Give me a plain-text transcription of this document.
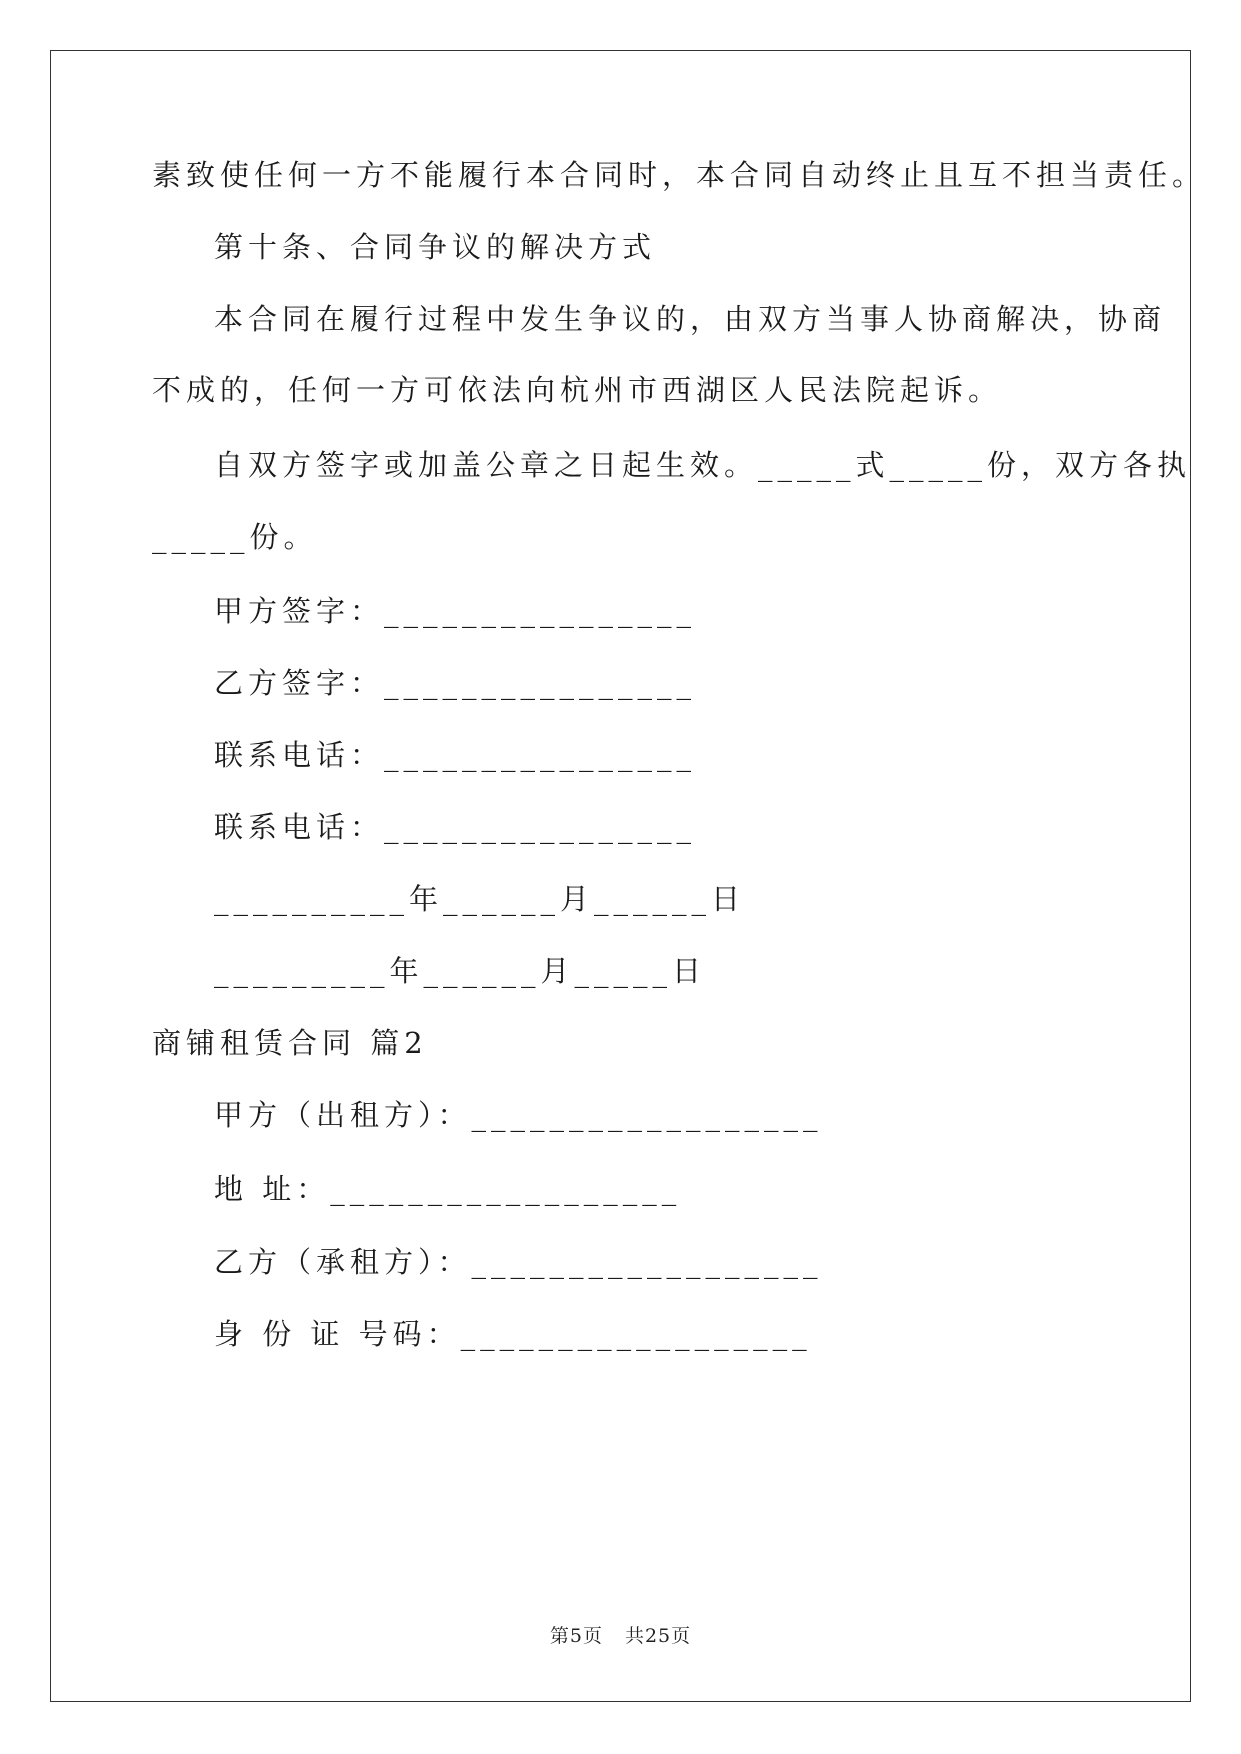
素致使任何一方不能履行本合同时，本合同自动终止且互不担当责任。
第十条、合同争议的解决方式
本合同在履行过程中发生争议的，由双方当事人协商解决，协商
不成的，任何一方可依法向杭州市西湖区人民法院起诉。
自双方签字或加盖公章之日起生效。_____式_____份，双方各执
_____份。
甲方签字：________________
乙方签字：________________
联系电话：________________
联系电话：________________
__________年______月______日
_________年______月_____日
商铺租赁合同 篇2
甲方（出租方）：__________________
地 址：__________________
乙方（承租方）：__________________
身 份 证 号码：__________________
第5页 共25页
